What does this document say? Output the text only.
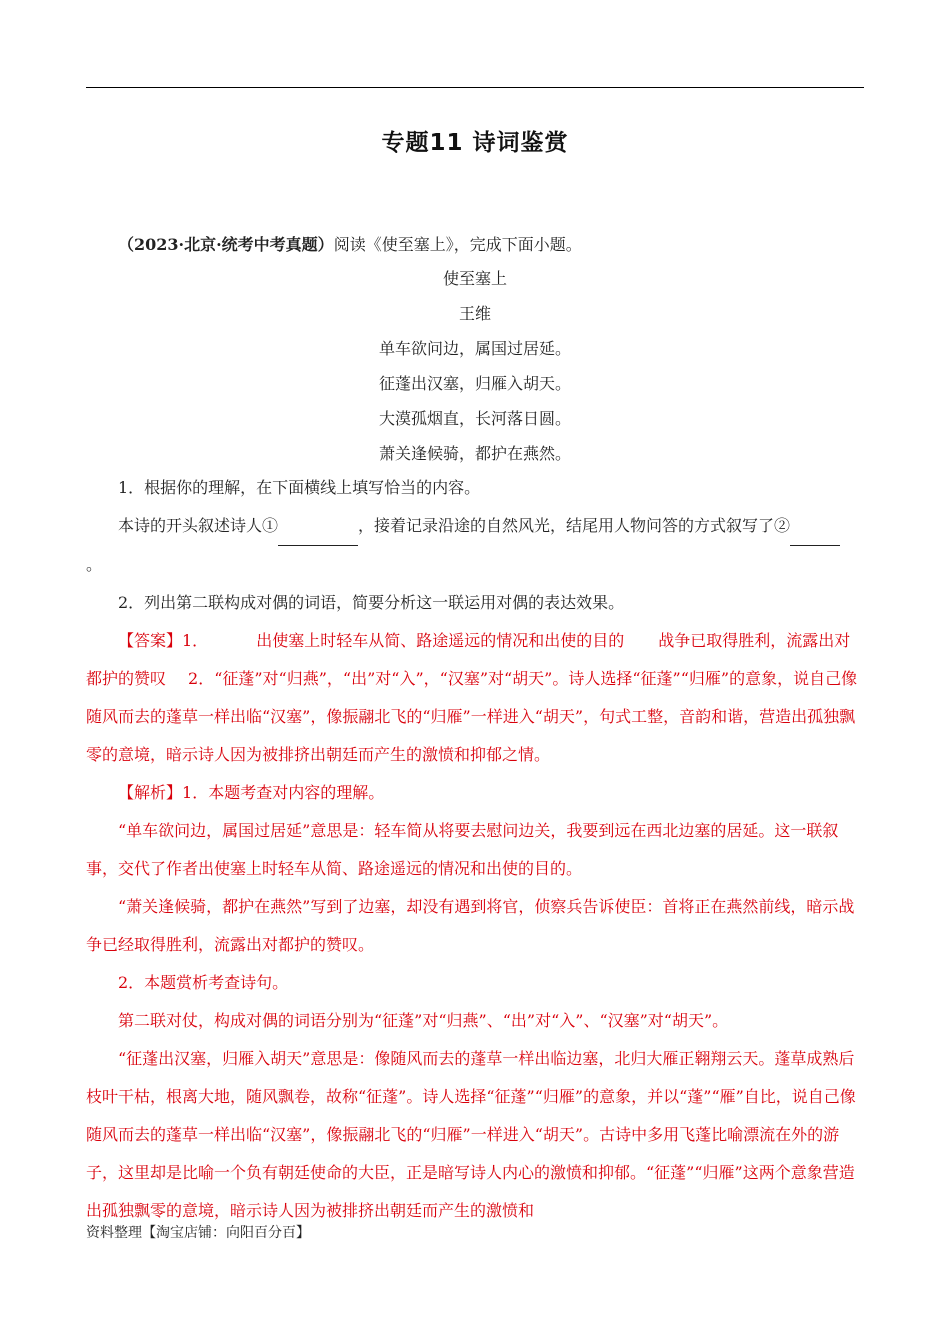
专题11 诗词鉴赏

（2023·北京·统考中考真题）阅读《使至塞上》，完成下面小题。

使至塞上

王维

单车欲问边，属国过居延。

征蓬出汉塞，归雁入胡天。

大漠孤烟直，长河落日圆。

萧关逢候骑，都护在燕然。

1．根据你的理解，在下面横线上填写恰当的内容。

本诗的开头叙述诗人①	，接着记录沿途的自然风光，结尾用人物问答的方式叙写了②
。

2．列出第二联构成对偶的词语，简要分析这一联运用对偶的表达效果。

【答案】1．	出使塞上时轻车从简、路途遥远的情况和出使的目的 战争已取得胜利，流露出对都护的赞叹 2．“征蓬”对“归燕”，“出”对“入”，“汉塞”对“胡天”。诗人选择“征蓬”“归雁”的意象，说自己像随风而去的蓬草一样出临“汉塞”，像振翮北飞的“归雁”一样进入“胡天”，句式工整，音韵和谐，营造出孤独飘零的意境，暗示诗人因为被排挤出朝廷而产生的激愤和抑郁之情。

【解析】1．本题考查对内容的理解。

“单车欲问边，属国过居延”意思是：轻车简从将要去慰问边关，我要到远在西北边塞的居延。这一联叙事，交代了作者出使塞上时轻车从简、路途遥远的情况和出使的目的。

“萧关逢候骑，都护在燕然”写到了边塞，却没有遇到将官，侦察兵告诉使臣：首将正在燕然前线，暗示战争已经取得胜利，流露出对都护的赞叹。

2．本题赏析考查诗句。

第二联对仗，构成对偶的词语分别为“征蓬”对“归燕”、“出”对“入”、“汉塞”对“胡天”。

“征蓬出汉塞，归雁入胡天”意思是：像随风而去的蓬草一样出临边塞，北归大雁正翱翔云天。蓬草成熟后枝叶干枯，根离大地，随风飘卷，故称“征蓬”。诗人选择“征蓬”“归雁”的意象，并以“蓬”“雁”自比，说自己像随风而去的蓬草一样出临“汉塞”，像振翮北飞的“归雁”一样进入“胡天”。古诗中多用飞蓬比喻漂流在外的游子，这里却是比喻一个负有朝廷使命的大臣，正是暗写诗人内心的激愤和抑郁。“征蓬”“归雁”这两个意象营造出孤独飘零的意境，暗示诗人因为被排挤出朝廷而产生的激愤和

资料整理【淘宝店铺：向阳百分百】
